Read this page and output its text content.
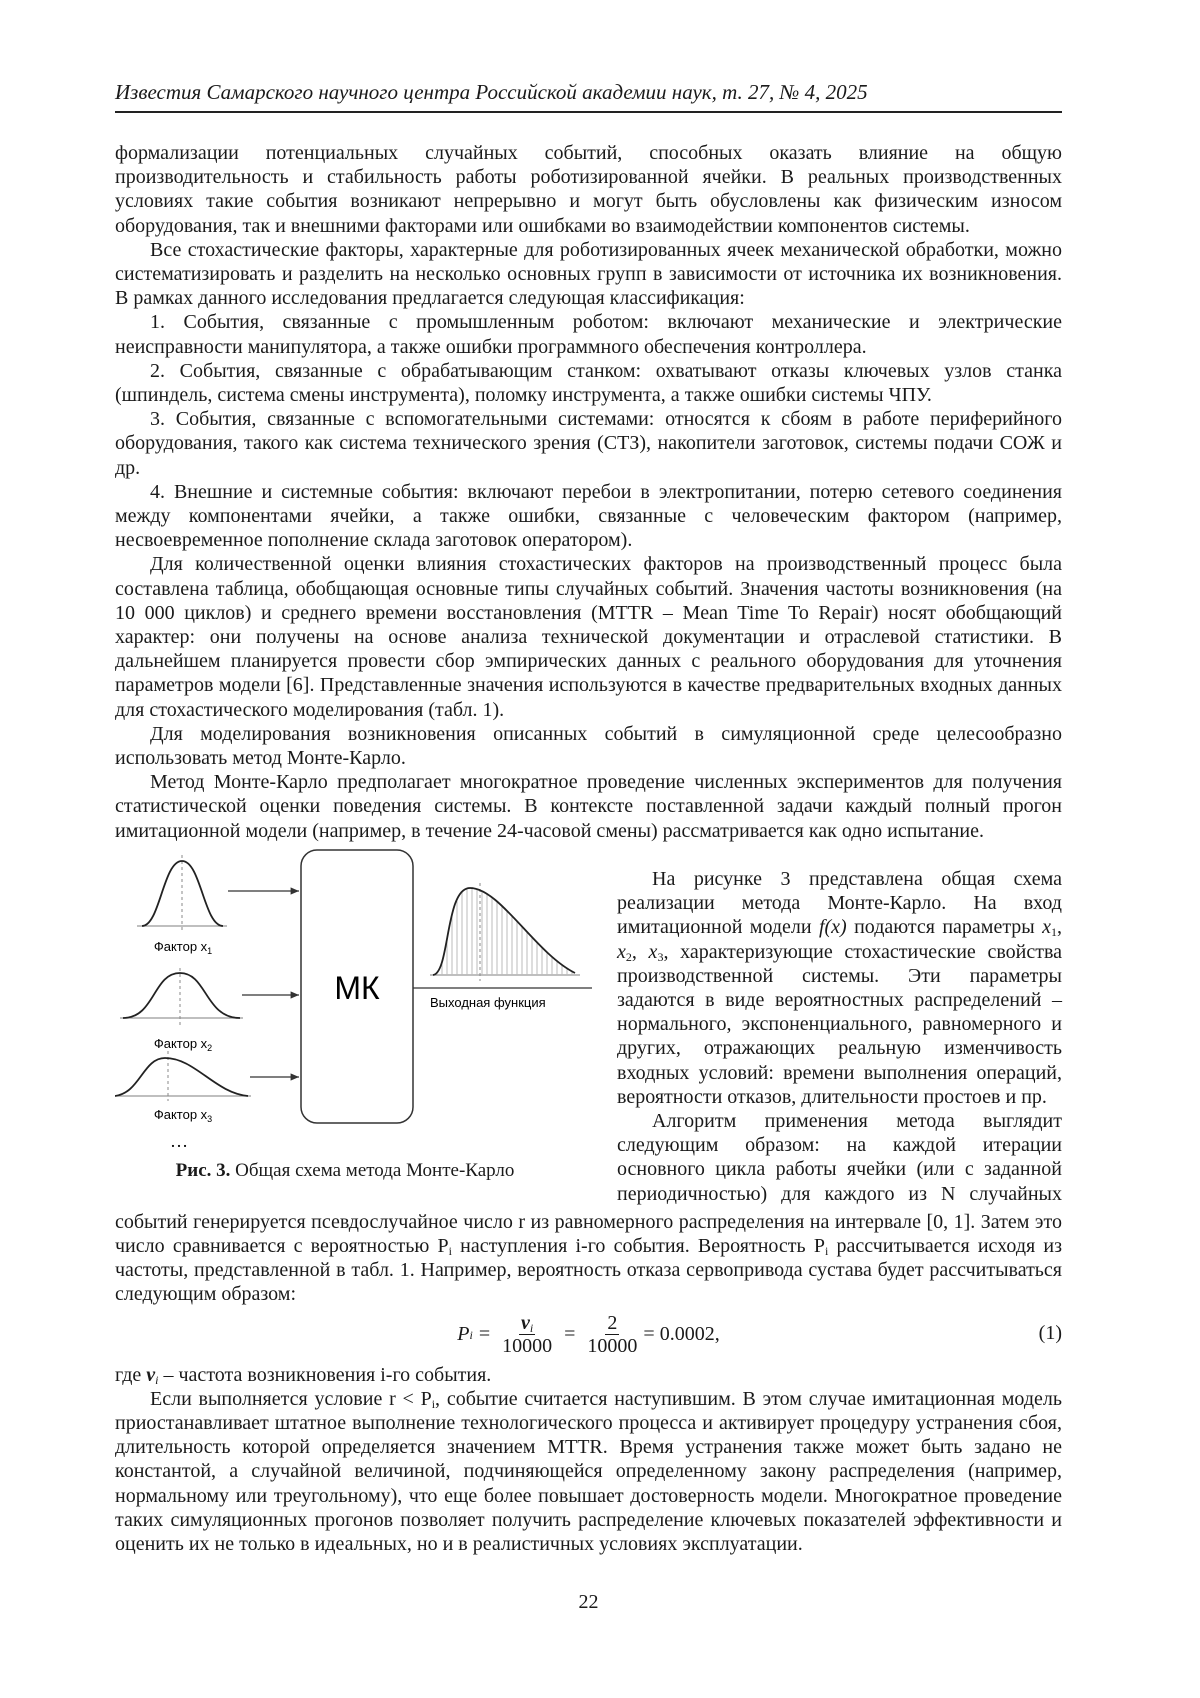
Известия Самарского научного центра Российской академии наук, т. 27, № 4, 2025

формализации потенциальных случайных событий, способных оказать влияние на общую производительность и стабильность работы роботизированной ячейки. В реальных производственных условиях такие события возникают непрерывно и могут быть обусловлены как физическим износом оборудования, так и внешними факторами или ошибками во взаимодействии компонентов системы.

Все стохастические факторы, характерные для роботизированных ячеек механической обработки, можно систематизировать и разделить на несколько основных групп в зависимости от источника их возникновения. В рамках данного исследования предлагается следующая классификация:

1. События, связанные с промышленным роботом: включают механические и электрические неисправности манипулятора, а также ошибки программного обеспечения контроллера.

2. События, связанные с обрабатывающим станком: охватывают отказы ключевых узлов станка (шпиндель, система смены инструмента), поломку инструмента, а также ошибки системы ЧПУ.

3. События, связанные с вспомогательными системами: относятся к сбоям в работе периферийного оборудования, такого как система технического зрения (СТЗ), накопители заготовок, системы подачи СОЖ и др.

4. Внешние и системные события: включают перебои в электропитании, потерю сетевого соединения между компонентами ячейки, а также ошибки, связанные с человеческим фактором (например, несвоевременное пополнение склада заготовок оператором).

Для количественной оценки влияния стохастических факторов на производственный процесс была составлена таблица, обобщающая основные типы случайных событий. Значения частоты возникновения (на 10 000 циклов) и среднего времени восстановления (MTTR – Mean Time To Repair) носят обобщающий характер: они получены на основе анализа технической документации и отраслевой статистики. В дальнейшем планируется провести сбор эмпирических данных с реального оборудования для уточнения параметров модели [6]. Представленные значения используются в качестве предварительных входных данных для стохастического моделирования (табл. 1).

Для моделирования возникновения описанных событий в симуляционной среде целесообразно использовать метод Монте-Карло.

Метод Монте-Карло предполагает многократное проведение численных экспериментов для получения статистической оценки поведения системы. В контексте поставленной задачи каждый полный прогон имитационной модели (например, в течение 24-часовой смены) рассматривается как одно испытание.

Фактор x1
Фактор x2
Фактор x3
…
МК	Выходная функция
Рис. 3. Общая схема метода Монте-Карло

На рисунке 3 представлена общая схема реализации метода Монте-Карло. На вход имитационной модели f(x) подаются параметры x1, x2, x3, характеризующие стохастические свойства производственной системы. Эти параметры задаются в виде вероятностных распределений – нормального, экспоненциального, равномерного и других, отражающих реальную изменчивость входных условий: времени выполнения операций, вероятности отказов, длительности простоев и пр.

Алгоритм применения метода выглядит следующим образом: на каждой итерации основного цикла работы ячейки (или с заданной периодичностью) для каждого из N случайных

событий генерируется псевдослучайное число r из равномерного распределения на интервале [0, 1]. Затем это число сравнивается с вероятностью Pi наступления i-го события. Вероятность Pi рассчитывается исходя из частоты, представленной в табл. 1. Например, вероятность отказа сервопривода сустава будет рассчитываться следующим образом:

P i =
νi
10000
=
2
10000
= 0.0002,	(1)

где νi – частота возникновения i-го события.

Если выполняется условие r < Pi, событие считается наступившим. В этом случае имитационная модель приостанавливает штатное выполнение технологического процесса и активирует процедуру устранения сбоя, длительность которой определяется значением MTTR. Время устранения также может быть задано не константой, а случайной величиной, подчиняющейся определенному закону распределения (например, нормальному или треугольному), что еще более повышает достоверность модели. Многократное проведение таких симуляционных прогонов позволяет получить распределение ключевых показателей эффективности и оценить их не только в идеальных, но и в реалистичных условиях эксплуатации.

22
